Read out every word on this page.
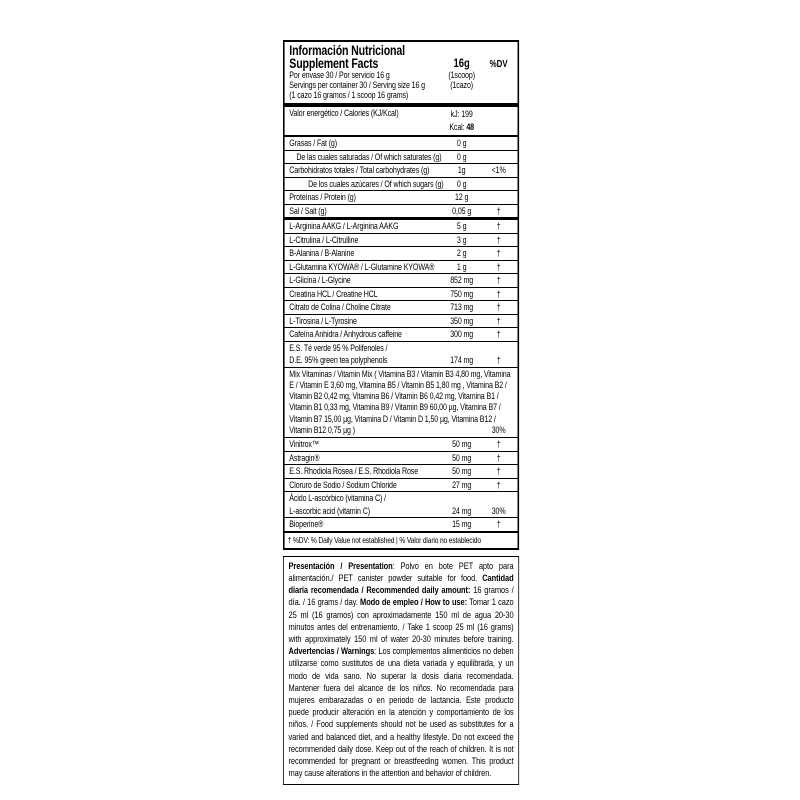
Información Nutricional
Supplement Facts	16g	%DV
Por envase 30 / Por servicio 16 g	(1scoop)
Servings per container 30 / Serving size 16 g	(1cazo)
(1 cazo 16 gramos / 1 scoop 16 grams)
Valor energético / Calories (KJ/Kcal)	kJ: 199
Kcal: 48
Grasas / Fat (g)	0 g
De las cuales saturadas / Of which saturates (g)	0 g
Carbohidratos totales / Total carbohydrates (g)	1g	<1%
De los cuales azúcares / Of which sugars (g)	0 g
Proteínas / Protein (g)	12 g
Sal / Salt (g)	0,05 g	†
L-Arginina AAKG / L-Arginina AAKG	5 g	†
L-Citrulina / L-Citrulline	3 g	†
B-Alanina / B-Alanine	2 g	†
L-Glutamina KYOWA® / L-Glutamine KYOWA®	1 g	†
L-Glicina / L-Glycine	852 mg	†
Creatina HCL / Creatine HCL	750 mg	†
Citrato de Colina / Choline Citrate	713 mg	†
L-Tirosina / L-Tyrosine	350 mg	†
Cafeína Anhidra / Anhydrous caffeine	300 mg	†
E.S. Té verde 95 % Polifenoles /
D.E. 95% green tea polyphenols	174 mg	†
Mix Vitaminas / Vitamin Mix ( Vitamina B3 / Vitamin B3 4,80 mg, Vitamina E / Vitamin E 3,60 mg, Vitamina B5 / Vitamin B5 1,80 mg , Vitamina B2 / Vitamin B2 0,42 mg, Vitamina B6 / Vitamin B6 0,42 mg, Vitamina B1 / Vitamin B1 0,33 mg, Vitamina B9 / Vitamin B9 60,00 µg, Vitamina B7 / Vitamin B7 15,00 µg, Vitamina D / Vitamin D 1,50 µg, Vitamina B12 / Vitamin B12 0,75 µg )	30%
Vinitrox™	50 mg	†
Astragin®	50 mg	†
E.S. Rhodiola Rosea / E.S. Rhodiola Rose	50 mg	†
Cloruro de Sodio / Sodium Chloride	27 mg	†
Ácido L-ascórbico (vitamina C) /
L-ascorbic acid (vitamin C)	24 mg	30%
Bioperine®	15 mg	†
† %DV: % Daily Value not established | % Valor diario no establecido
Presentación / Presentation: Polvo en bote PET apto para alimentación./ PET canister powder suitable for food. Cantidad diaria recomendada / Recommended daily amount: 16 gramos / día. / 16 grams / day. Modo de empleo / How to use: Tomar 1 cazo 25 ml (16 gramos) con aproximadamente 150 ml de agua 20-30 minutos antes del entrenamiento. / Take 1 scoop 25 ml (16 grams) with approximately 150 ml of water 20-30 minutes before training. Advertencias / Warnings: Los complementos alimenticios no deben utilizarse como sustitutos de una dieta variada y equilibrada, y un modo de vida sano. No superar la dosis diaria recomendada. Mantener fuera del alcance de los niños. No recomendada para mujeres embarazadas o en periodo de lactancia. Este producto puede producir alteración en la atención y comportamiento de los niños. / Food supplements should not be used as substitutes for a varied and balanced diet, and a healthy lifestyle. Do not exceed the recommended daily dose. Keep out of the reach of children. It is not recommended for pregnant or breastfeeding women. This product may cause alterations in the attention and behavior of children.
